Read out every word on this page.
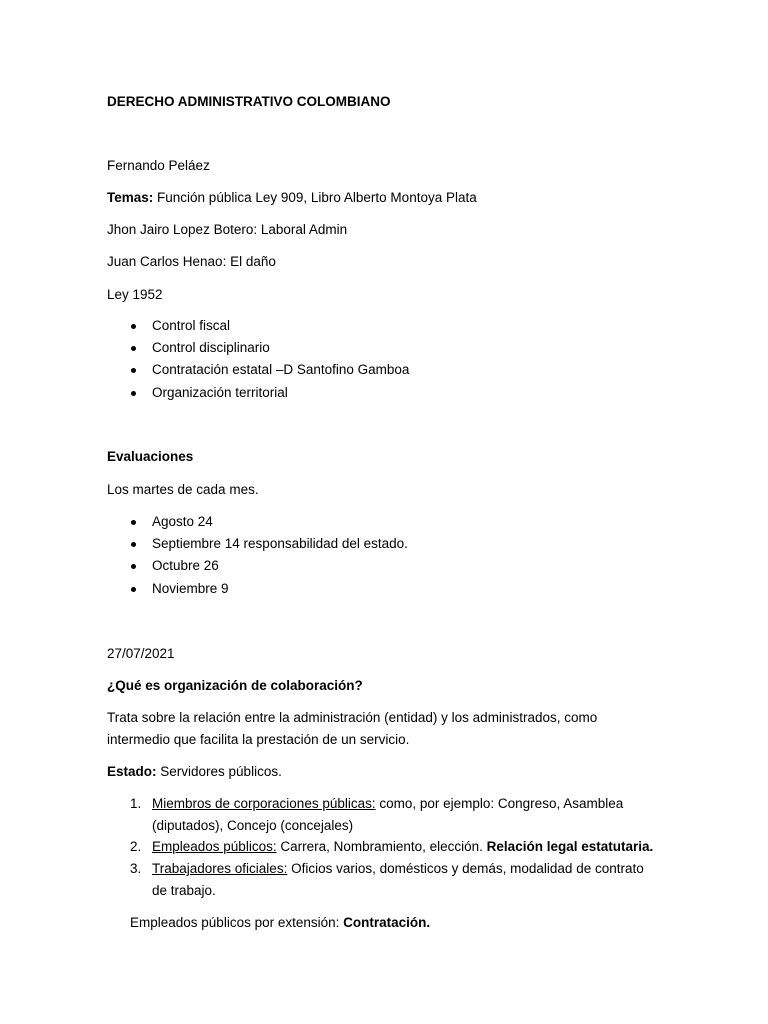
DERECHO ADMINISTRATIVO COLOMBIANO
Fernando Peláez
Temas: Función pública Ley 909, Libro Alberto Montoya Plata
Jhon Jairo Lopez Botero: Laboral Admin
Juan Carlos Henao: El daño
Ley 1952
Control fiscal
Control disciplinario
Contratación estatal –D Santofino Gamboa
Organización territorial
Evaluaciones
Los martes de cada mes.
Agosto 24
Septiembre 14 responsabilidad del estado.
Octubre 26
Noviembre 9
27/07/2021
¿Qué es organización de colaboración?
Trata sobre la relación entre la administración (entidad) y los administrados, como
intermedio que facilita la prestación de un servicio.
Estado: Servidores públicos.
1. Miembros de corporaciones públicas: como, por ejemplo: Congreso, Asamblea
(diputados), Concejo (concejales)
2. Empleados públicos: Carrera, Nombramiento, elección. Relación legal estatutaria.
3. Trabajadores oficiales: Oficios varios, domésticos y demás, modalidad de contrato
de trabajo.
Empleados públicos por extensión: Contratación.
